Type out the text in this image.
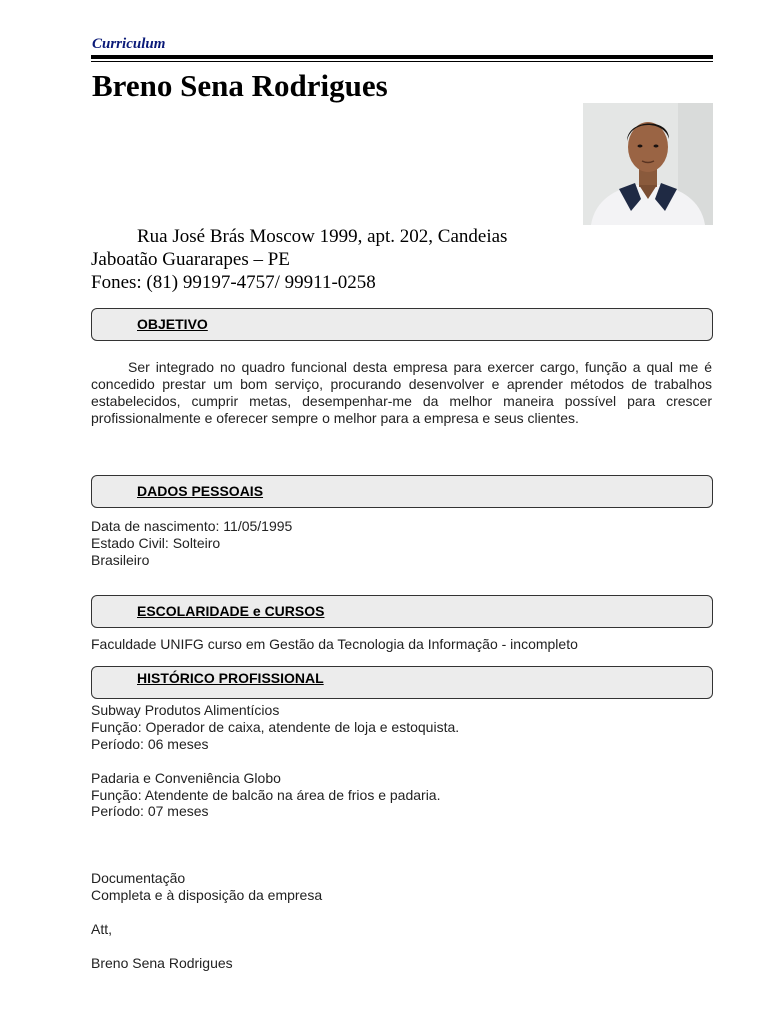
Curriculum
Breno Sena Rodrigues
Rua José Brás Moscow 1999, apt. 202, Candeias
Jaboatão Guararapes – PE
Fones: (81) 99197-4757/ 99911-0258
OBJETIVO
Ser integrado no quadro funcional desta empresa para exercer cargo, função a qual me é concedido prestar um bom serviço, procurando desenvolver e aprender métodos de trabalhos estabelecidos, cumprir metas, desempenhar-me da melhor maneira possível para crescer profissionalmente e oferecer sempre o melhor para a empresa e seus clientes.
DADOS PESSOAIS
Data de nascimento: 11/05/1995
Estado Civil: Solteiro
Brasileiro
ESCOLARIDADE e CURSOS
Faculdade UNIFG curso em Gestão da Tecnologia da Informação - incompleto
HISTÓRICO PROFISSIONAL
Subway Produtos Alimentícios
Função: Operador de caixa, atendente de loja e estoquista.
Período: 06 meses
Padaria e Conveniência Globo
Função: Atendente de balcão na área de frios e padaria.
Período: 07 meses
Documentação
Completa e à disposição da empresa
Att,
Breno Sena Rodrigues
